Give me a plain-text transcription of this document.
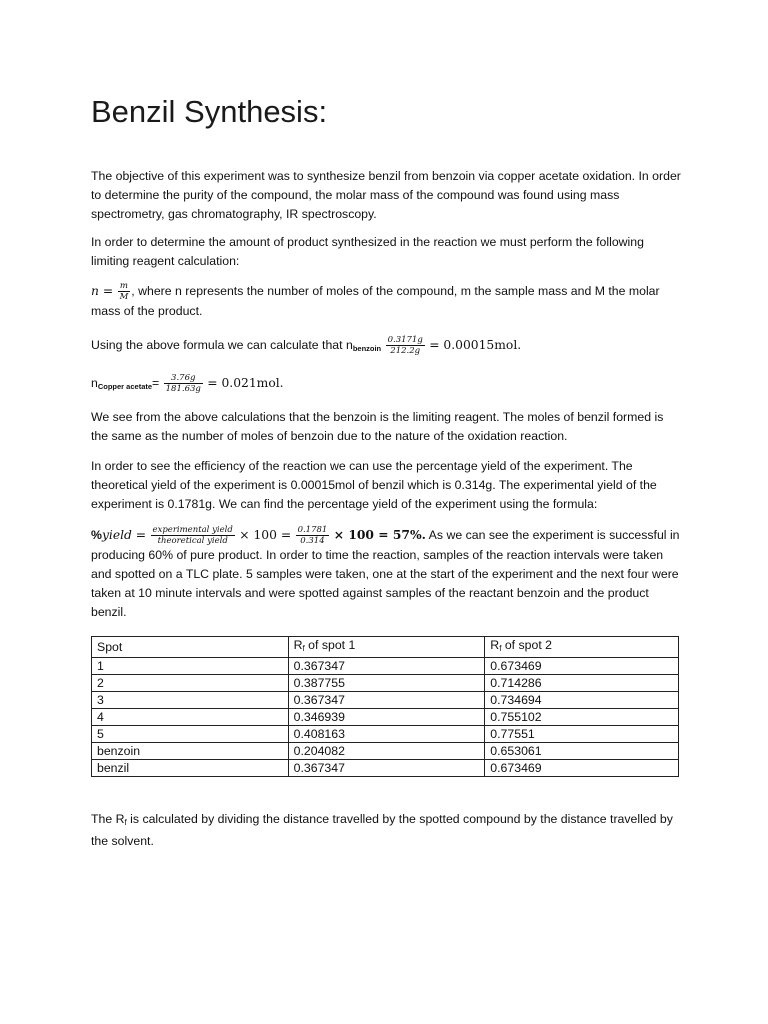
Benzil Synthesis:

The objective of this experiment was to synthesize benzil from benzoin via copper acetate oxidation. In order to determine the purity of the compound, the molar mass of the compound was found using mass spectrometry, gas chromatography, IR spectroscopy.

In order to determine the amount of product synthesized in the reaction we must perform the following limiting reagent calculation:

$n = \frac{m}{M}$ , where n represents the number of moles of the compound, m the sample mass and M the molar mass of the product.

Using the above formula we can calculate that $n_{benzoin} \frac{0.3171g}{212.2g} = 0.00015mol$.

$n_{Copper acetate}= \frac{3.76g}{181.63g} = 0.021mol$.

We see from the above calculations that the benzoin is the limiting reagent. The moles of benzil formed is the same as the number of moles of benzoin due to the nature of the oxidation reaction.

In order to see the efficiency of the reaction we can use the percentage yield of the experiment. The theoretical yield of the experiment is 0.00015mol of benzil which is 0.314g. The experimental yield of the experiment is 0.1781g. We can find the percentage yield of the experiment using the formula:

%yield = $\frac{\text{experimental yield}}{\text{theoretical yield}} \times 100 = \frac{0.1781}{0.314} \times 100 = 57\%$. As we can see the experiment is successful in producing 60% of pure product. In order to time the reaction, samples of the reaction intervals were taken and spotted on a TLC plate. 5 samples were taken, one at the start of the experiment and the next four were taken at 10 minute intervals and were spotted against samples of the reactant benzoin and the product benzil.

Spot	$R_f$ of spot 1	$R_f$ of spot 2
1	0.367347	0.673469
2	0.387755	0.714286
3	0.367347	0.734694
4	0.346939	0.755102
5	0.408163	0.77551
benzoin	0.204082	0.653061
benzil	0.367347	0.673469

The $R_f$ is calculated by dividing the distance travelled by the spotted compound by the distance travelled by the solvent.
